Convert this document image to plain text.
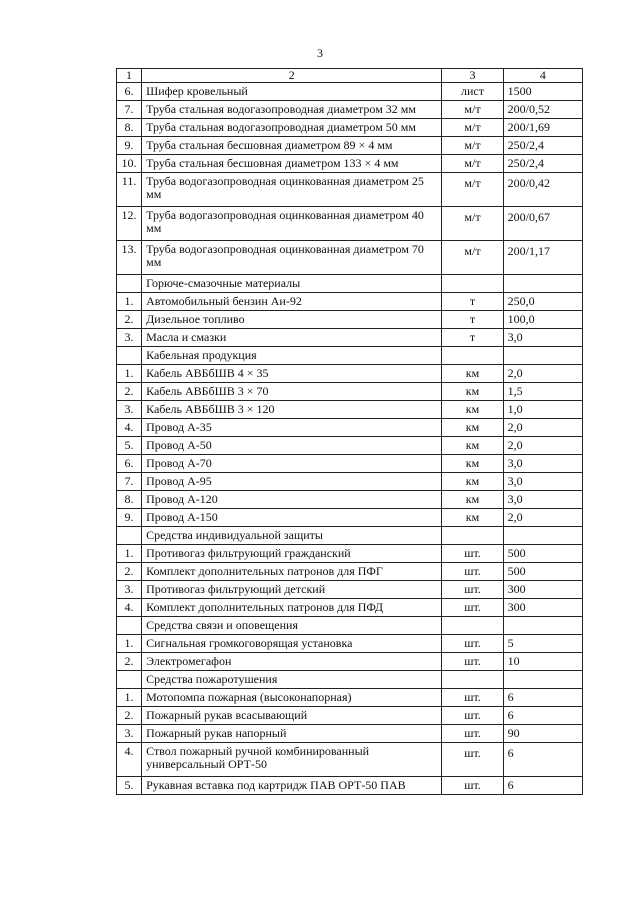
3
1	2	3	4
6.	Шифер кровельный	лист	1500
7.	Труба стальная водогазопроводная диаметром 32 мм	м/т	200/0,52
8.	Труба стальная водогазопроводная диаметром 50 мм	м/т	200/1,69
9.	Труба стальная бесшовная диаметром 89 × 4 мм	м/т	250/2,4
10.	Труба стальная бесшовная диаметром 133 × 4 мм	м/т	250/2,4
11.	Труба водогазопроводная оцинкованная диаметром 25 мм	м/т	200/0,42
12.	Труба водогазопроводная оцинкованная диаметром 40 мм	м/т	200/0,67
13.	Труба водогазопроводная оцинкованная диаметром 70 мм	м/т	200/1,17
	Горюче-смазочные материалы		
1.	Автомобильный бензин Аи-92	т	250,0
2.	Дизельное топливо	т	100,0
3.	Масла и смазки	т	3,0
	Кабельная продукция		
1.	Кабель АВБбШВ 4 × 35	км	2,0
2.	Кабель АВБбШВ 3 × 70	км	1,5
3.	Кабель АВБбШВ 3 × 120	км	1,0
4.	Провод А-35	км	2,0
5.	Провод А-50	км	2,0
6.	Провод А-70	км	3,0
7.	Провод А-95	км	3,0
8.	Провод А-120	км	3,0
9.	Провод А-150	км	2,0
	Средства индивидуальной защиты		
1.	Противогаз фильтрующий гражданский	шт.	500
2.	Комплект дополнительных патронов для ПФГ	шт.	500
3.	Противогаз фильтрующий детский	шт.	300
4.	Комплект дополнительных патронов для ПФД	шт.	300
	Средства связи и оповещения		
1.	Сигнальная громкоговорящая установка	шт.	5
2.	Электромегафон	шт.	10
	Средства пожаротушения		
1.	Мотопомпа пожарная (высоконапорная)	шт.	6
2.	Пожарный рукав всасывающий	шт.	6
3.	Пожарный рукав напорный	шт.	90
4.	Ствол пожарный ручной комбинированный универсальный ОРТ-50	шт.	6
5.	Рукавная вставка под картридж ПАВ ОРТ-50 ПАВ	шт.	6
